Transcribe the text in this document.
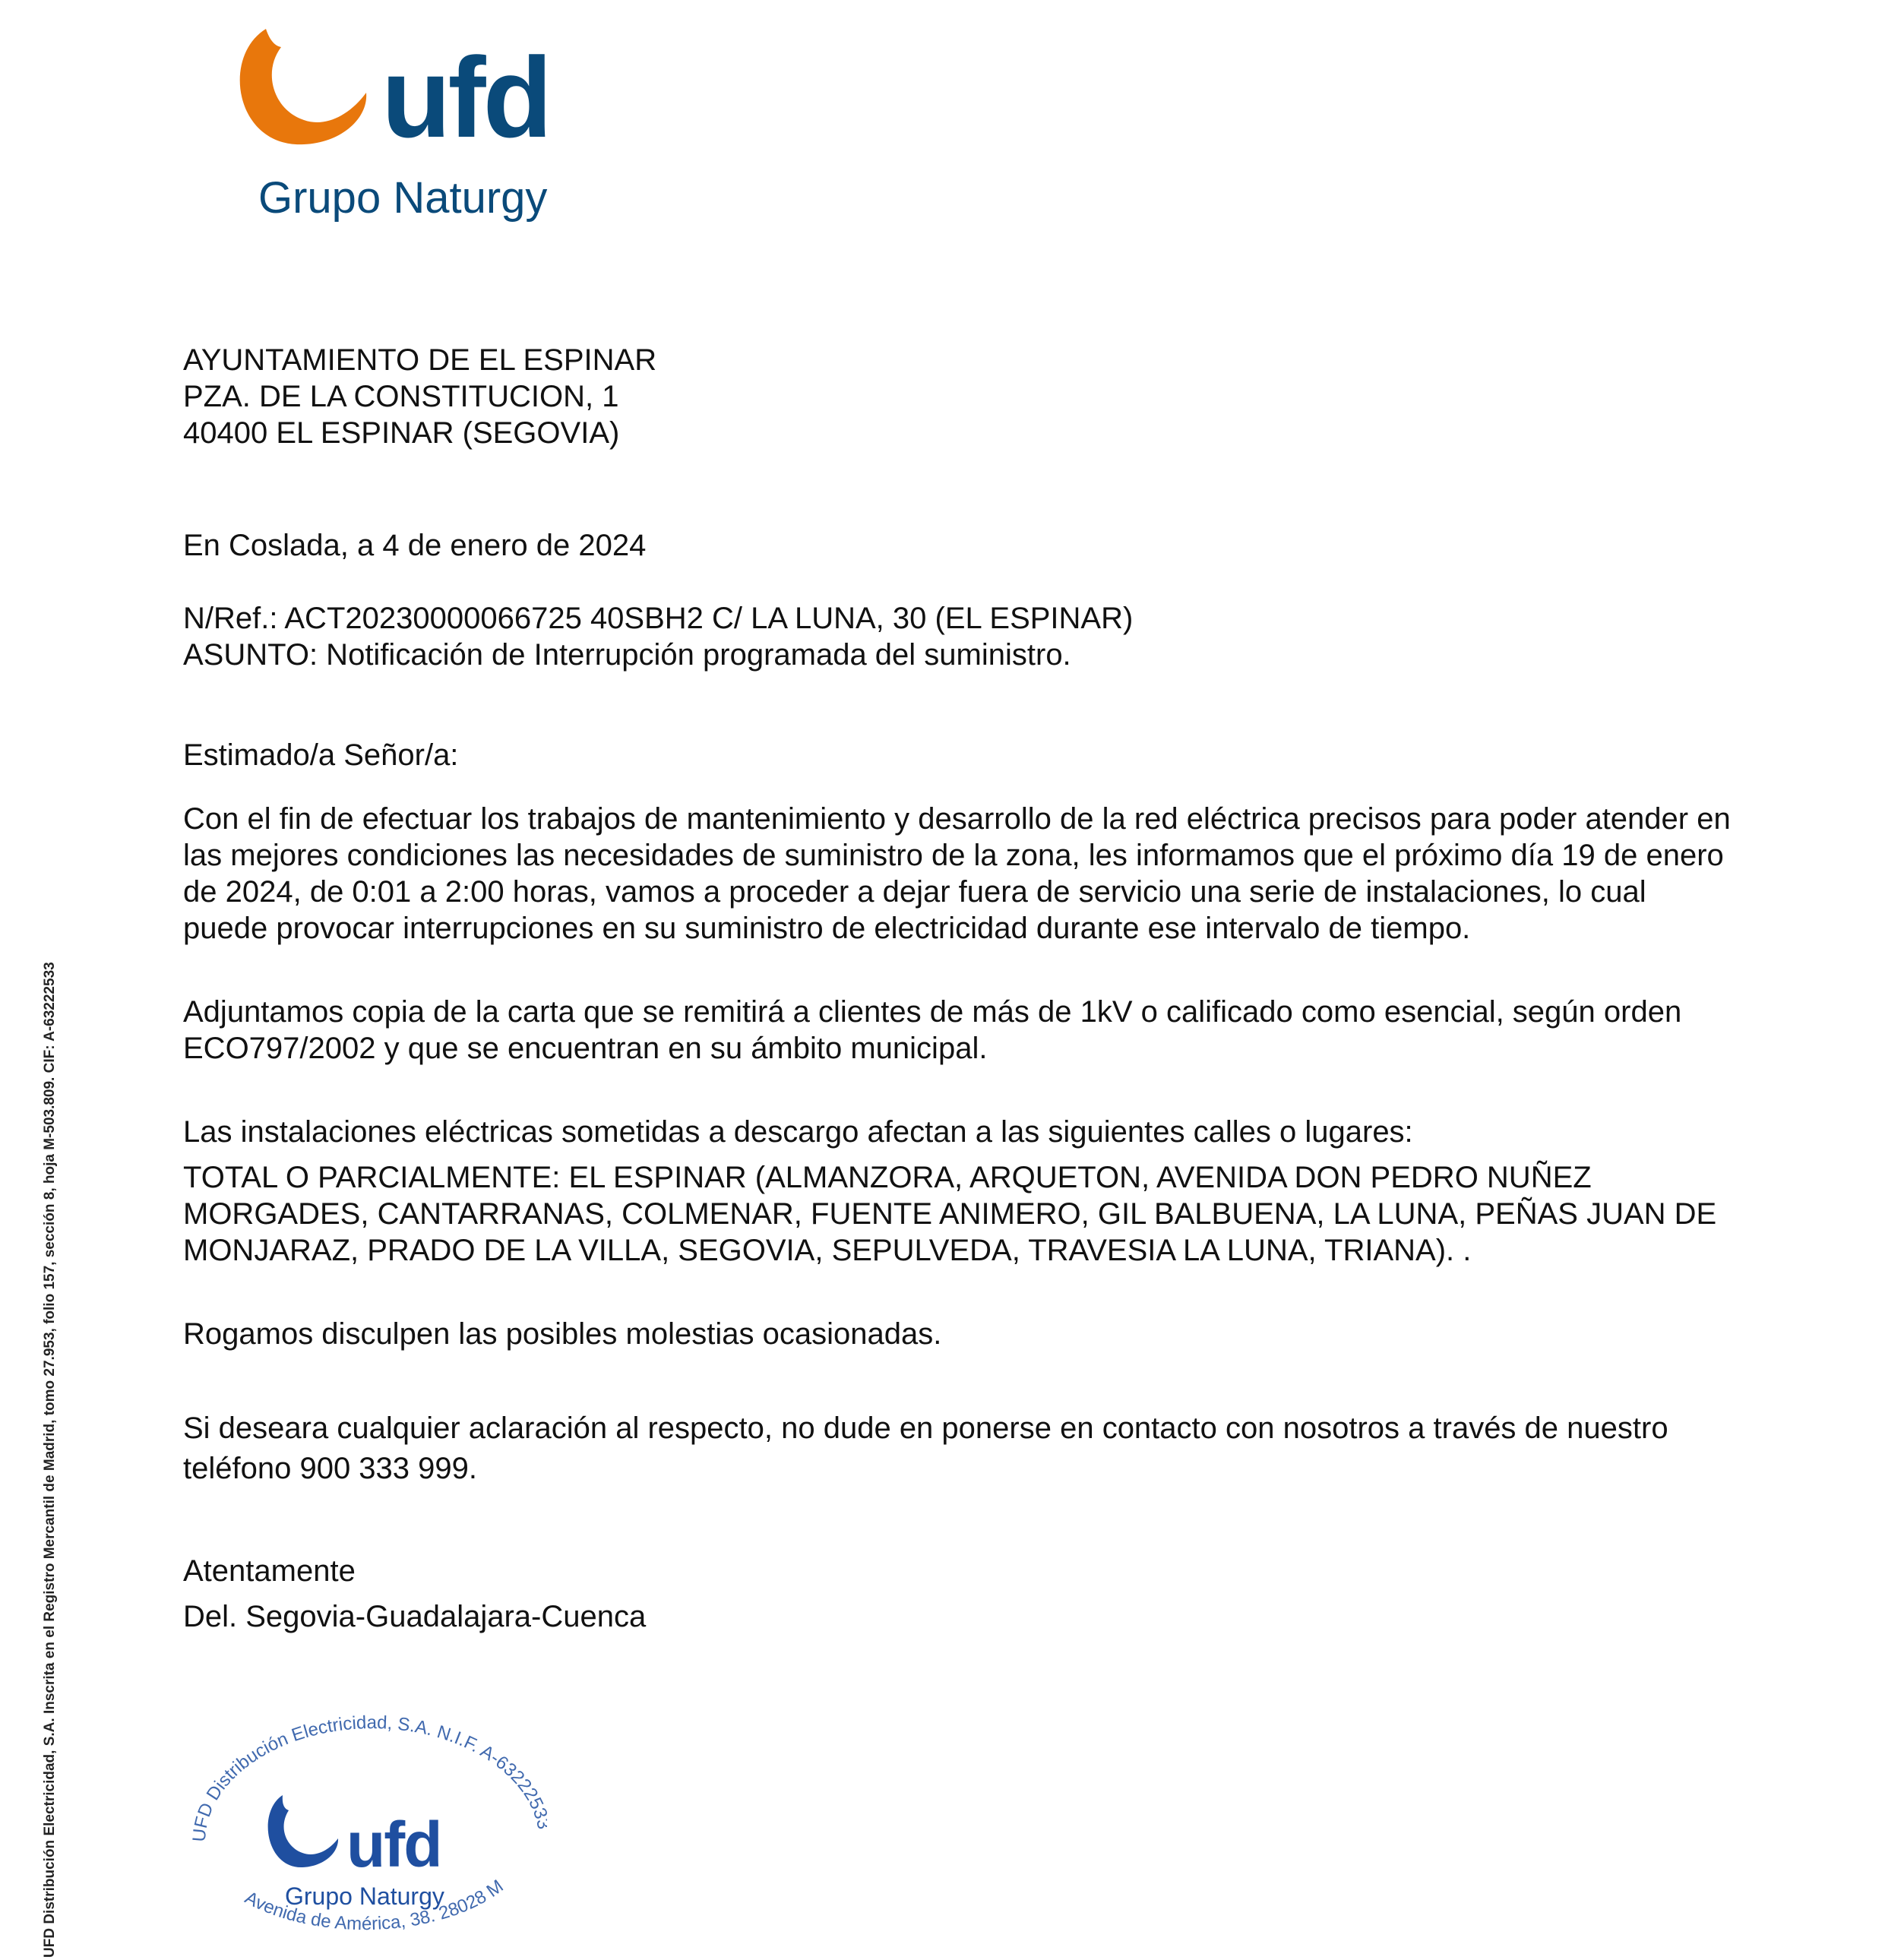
ufd
Grupo Naturgy
UFD Distribución Electricidad, S.A. Inscrita en el Registro Mercantil de Madrid, tomo 27.953, folio 157, sección 8, hoja M-503.809. CIF: A-63222533

AYUNTAMIENTO DE EL ESPINAR

PZA. DE LA CONSTITUCION, 1

40400 EL ESPINAR (SEGOVIA)

En Coslada, a 4 de enero de 2024

N/Ref.: ACT20230000066725 40SBH2 C/ LA LUNA, 30 (EL ESPINAR)

ASUNTO: Notificación de Interrupción programada del suministro.

Estimado/a Señor/a:

Con el fin de efectuar los trabajos de mantenimiento y desarrollo de la red eléctrica precisos para poder atender en las mejores condiciones las necesidades de suministro de la zona, les informamos que el próximo día 19 de enero de 2024, de 0:01 a 2:00 horas, vamos a proceder a dejar fuera de servicio una serie de instalaciones, lo cual puede provocar interrupciones en su suministro de electricidad durante ese intervalo de tiempo.

Adjuntamos copia de la carta que se remitirá a clientes de más de 1kV o calificado como esencial, según orden ECO797/2002 y que se encuentran en su ámbito municipal.

Las instalaciones eléctricas sometidas a descargo afectan a las siguientes calles o lugares:

TOTAL O PARCIALMENTE: EL ESPINAR (ALMANZORA, ARQUETON, AVENIDA DON PEDRO NUÑEZ MORGADES, CANTARRANAS, COLMENAR, FUENTE ANIMERO, GIL BALBUENA, LA LUNA, PEÑAS JUAN DE MONJARAZ, PRADO DE LA VILLA, SEGOVIA, SEPULVEDA, TRAVESIA LA LUNA, TRIANA). .

Rogamos disculpen las posibles molestias ocasionadas.

Si deseara cualquier aclaración al respecto, no dude en ponerse en contacto con nosotros a través de nuestro teléfono 900 333 999.

Atentamente

Del. Segovia-Guadalajara-Cuenca

UFD Distribución Electricidad, S.A. N.I.F. A-632225
Avenida de América, 38. 28028 M
ufd
Grupo Naturgy
